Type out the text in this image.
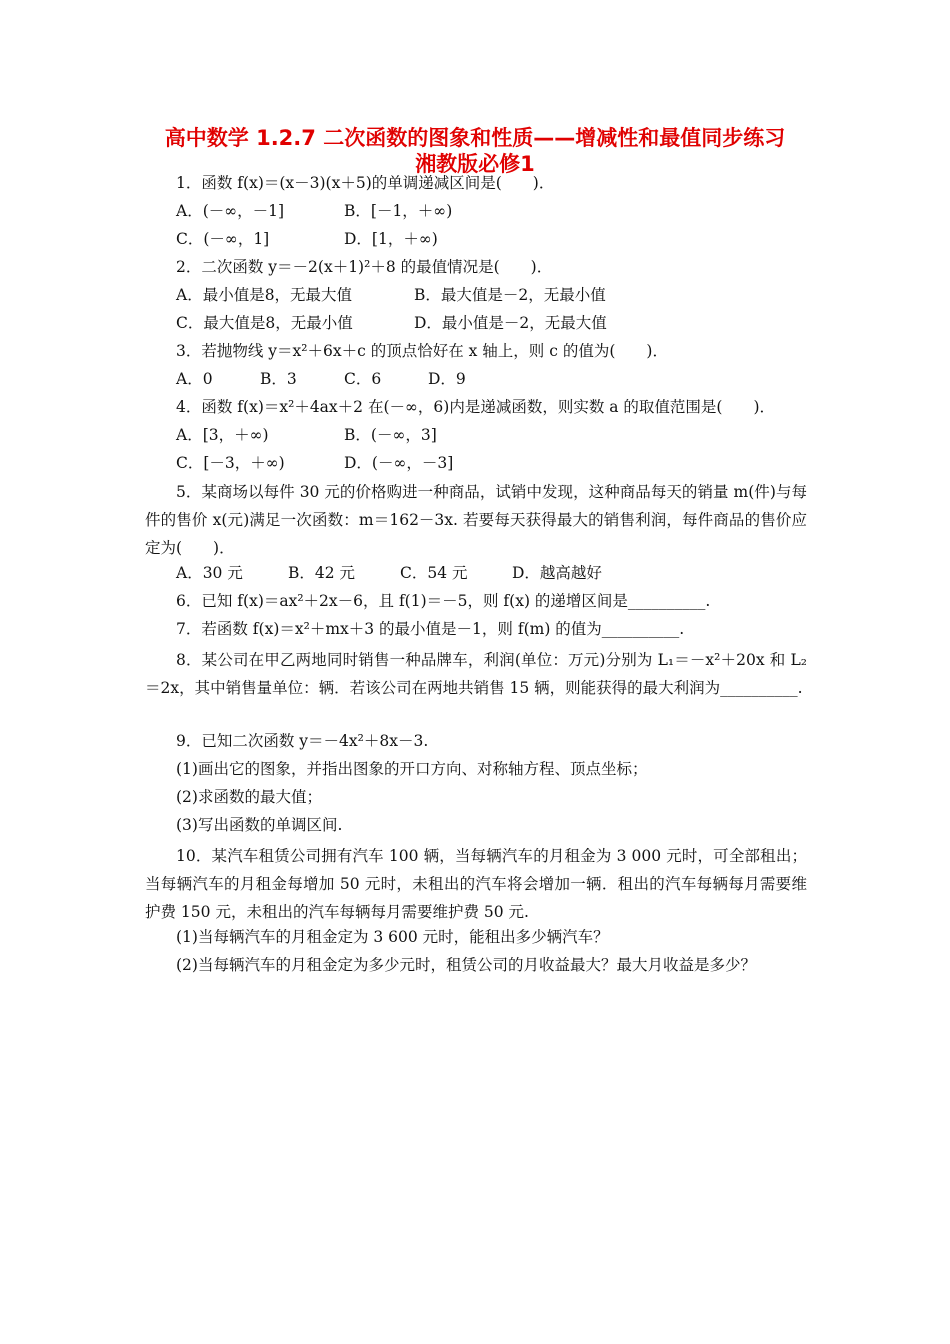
高中数学 1.2.7 二次函数的图象和性质——增减性和最值同步练习
湘教版必修1
1．函数 f(x)＝(x－3)(x＋5)的单调递减区间是(　　)．
A．(－∞，－1]	B．[－1，＋∞)
C．(－∞，1]	D．[1，＋∞)
2．二次函数 y＝－2(x＋1)²＋8 的最值情况是(　　)．
A．最小值是8，无最大值	B．最大值是－2，无最小值
C．最大值是8，无最小值	D．最小值是－2，无最大值
3．若抛物线 y＝x²＋6x＋c 的顶点恰好在 x 轴上，则 c 的值为(　　)．
A．0	B．3	C．6	D．9
4．函数 f(x)＝x²＋4ax＋2 在(－∞，6)内是递减函数，则实数 a 的取值范围是(　　)．
A．[3，＋∞)	B．(－∞，3]
C．[－3，＋∞)	D．(－∞，－3]
5．某商场以每件 30 元的价格购进一种商品，试销中发现，这种商品每天的销量 m(件)与每件的售价 x(元)满足一次函数：m＝162－3x. 若要每天获得最大的销售利润，每件商品的售价应定为(　　)．
A．30 元	B．42 元	C．54 元	D．越高越好
6．已知 f(x)＝ax²＋2x－6，且 f(1)＝－5，则 f(x) 的递增区间是__________.
7．若函数 f(x)＝x²＋mx＋3 的最小值是－1，则 f(m) 的值为__________.
8．某公司在甲乙两地同时销售一种品牌车，利润(单位：万元)分别为 L₁＝－x²＋20x 和 L₂＝2x，其中销售量单位：辆．若该公司在两地共销售 15 辆，则能获得的最大利润为__________.
9．已知二次函数 y＝－4x²＋8x－3.
(1)画出它的图象，并指出图象的开口方向、对称轴方程、顶点坐标；
(2)求函数的最大值；
(3)写出函数的单调区间.
10．某汽车租赁公司拥有汽车 100 辆，当每辆汽车的月租金为 3 000 元时，可全部租出；当每辆汽车的月租金每增加 50 元时，未租出的汽车将会增加一辆．租出的汽车每辆每月需要维护费 150 元，未租出的汽车每辆每月需要维护费 50 元.
(1)当每辆汽车的月租金定为 3 600 元时，能租出多少辆汽车？
(2)当每辆汽车的月租金定为多少元时，租赁公司的月收益最大？最大月收益是多少？
